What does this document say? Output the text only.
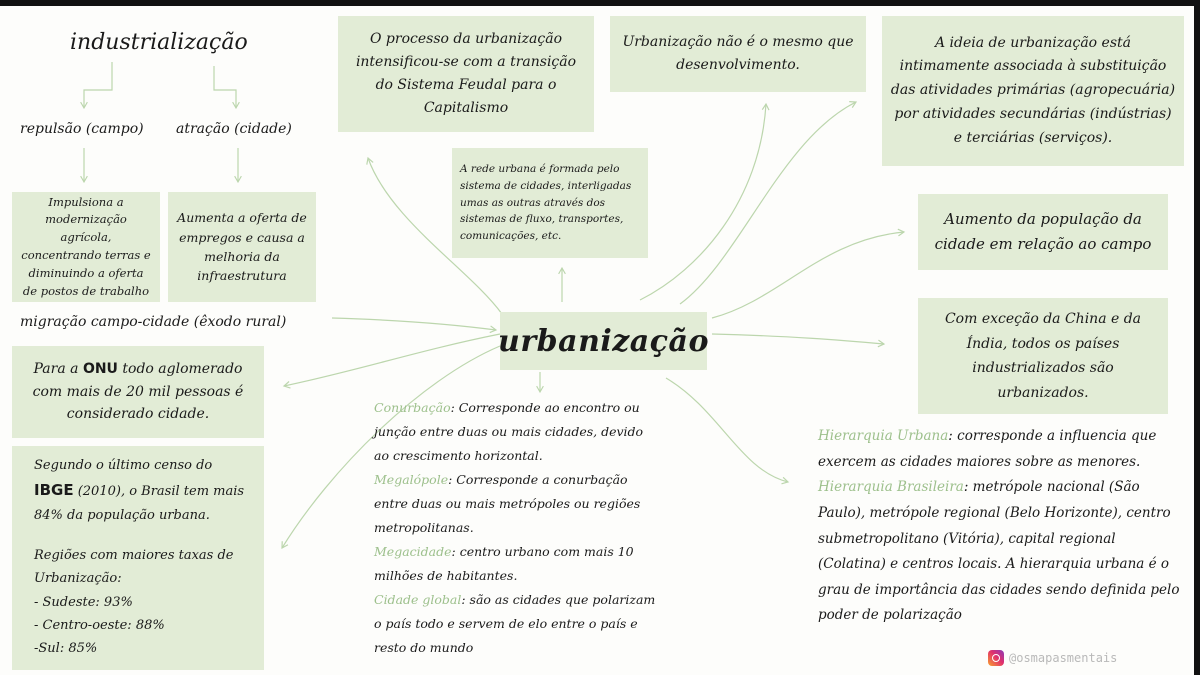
industrialização
repulsão (campo) atração (cidade)
Impulsiona a modernização agrícola, concentrando terras e diminuindo a oferta de postos de trabalho
Aumenta a oferta de empregos e causa a melhoria da infraestrutura
migração campo-cidade (êxodo rural)

Para a ONU todo aglomerado com mais de 20 mil pessoas é considerado cidade.

Segundo o último censo do
IBGE (2010), o Brasil tem mais 84% da população urbana.
Regiões com maiores taxas de Urbanização:
- Sudeste: 93%
- Centro-oeste: 88%
-Sul: 85%
O processo da urbanização intensificou-se com a transição do Sistema Feudal para o Capitalismo
A rede urbana é formada pelo sistema de cidades, interligadas umas as outras através dos sistemas de fluxo, transportes, comunicações, etc.
Urbanização não é o mesmo que desenvolvimento.
A ideia de urbanização está intimamente associada à substituição das atividades primárias (agropecuária) por atividades secundárias (indústrias) e terciárias (serviços).
Aumento da população da cidade em relação ao campo
Com exceção da China e da Índia, todos os países industrializados são urbanizados.
urbanização
Conurbação: Corresponde ao encontro ou junção entre duas ou mais cidades, devido ao crescimento horizontal.
Megalópole: Corresponde a conurbação entre duas ou mais metrópoles ou regiões metropolitanas.
Megacidade: centro urbano com mais 10 milhões de habitantes.
Cidade global: são as cidades que polarizam o país todo e servem de elo entre o país e resto do mundo
Hierarquia Urbana: corresponde a influencia que exercem as cidades maiores sobre as menores.
Hierarquia Brasileira: metrópole nacional (São Paulo), metrópole regional (Belo Horizonte), centro submetropolitano (Vitória), capital regional (Colatina) e centros locais. A hierarquia urbana é o grau de importância das cidades sendo definida pelo poder de polarização
@osmapasmentais
